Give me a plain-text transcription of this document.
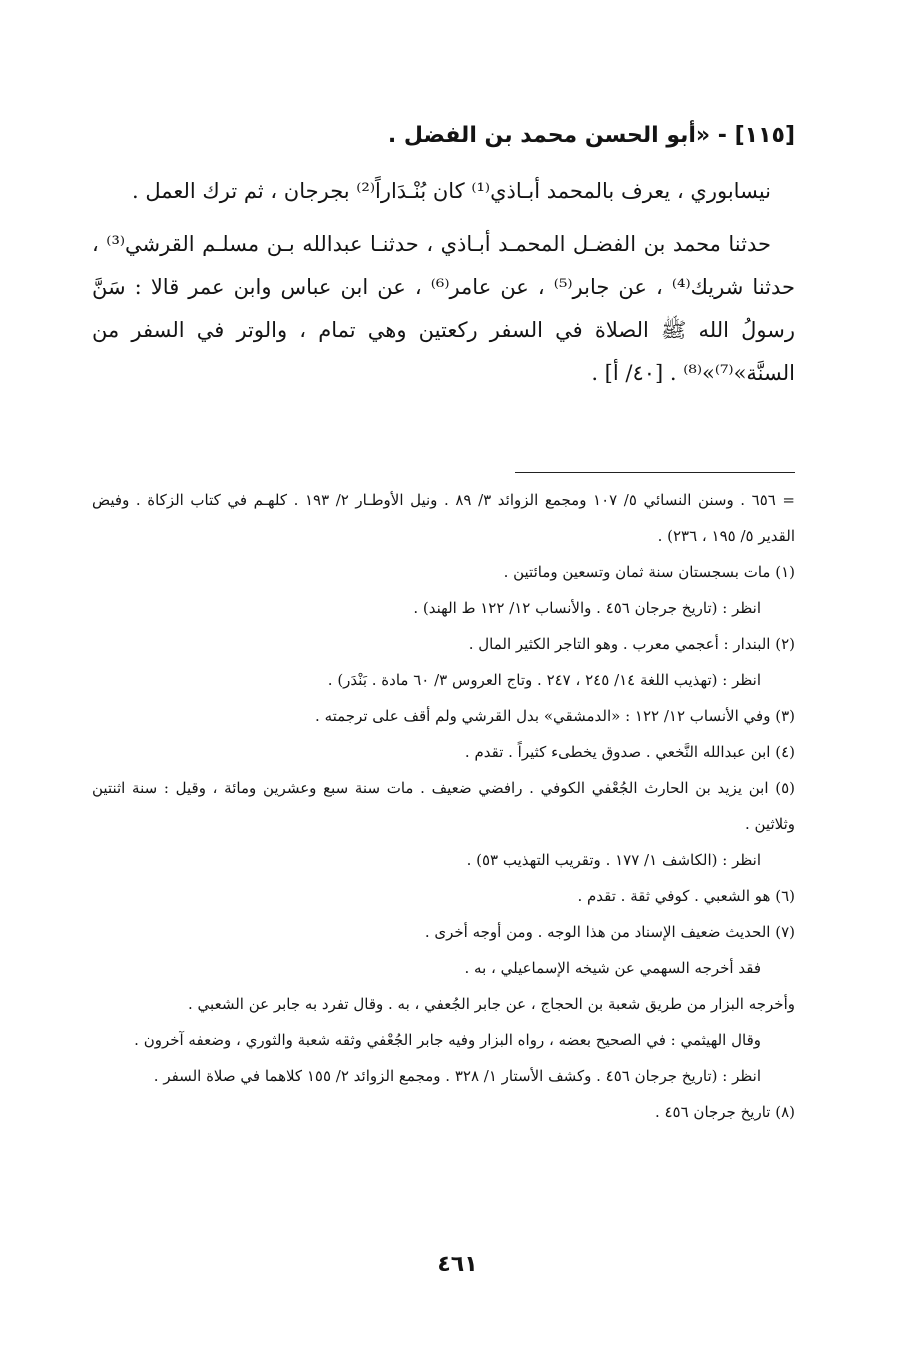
[١١٥] - «أبو الحسن محمد بن الفضل .

نيسابوري ، يعرف بالمحمد أبـاذي⁽¹⁾ كان بُنْـدَاراً⁽²⁾ بجرجان ، ثم ترك العمل .

حدثنا محمد بن الفضـل المحمـد أبـاذي ، حدثنـا عبدالله بـن مسلـم القرشي⁽³⁾ ، حدثنا شريك⁽⁴⁾ ، عن جابر⁽⁵⁾ ، عن عامر⁽⁶⁾ ، عن ابن عباس وابن عمر قالا : سَنَّ رسولُ الله ﷺ الصلاة في السفر ركعتين وهي تمام ، والوتر في السفر من السنَّة»⁽⁷⁾»⁽⁸⁾ . [٤٠/ أ] .

= ٦٥٦ . وسنن النسائي ٥/ ١٠٧ ومجمع الزوائد ٣/ ٨٩ . ونيل الأوطـار ٢/ ١٩٣ . كلهـم في كتاب الزكاة . وفيض القدير ٥/ ١٩٥ ، ٢٣٦) .

(١) مات بسجستان سنة ثمان وتسعين ومائتين .

انظر : (تاريخ جرجان ٤٥٦ . والأنساب ١٢/ ١٢٢ ط الهند) .

(٢) البندار : أعجمي معرب . وهو التاجر الكثير المال .

انظر : (تهذيب اللغة ١٤/ ٢٤٥ ، ٢٤٧ . وتاج العروس ٣/ ٦٠ مادة . بَنْدَر) .

(٣) وفي الأنساب ١٢/ ١٢٢ : «الدمشقي» بدل القرشي ولم أقف على ترجمته .

(٤) ابن عبدالله النَّخعي . صدوق يخطىء كثيراً . تقدم .

(٥) ابن يزيد بن الحارث الجُعْفي الكوفي . رافضي ضعيف . مات سنة سبع وعشرين ومائة ، وقيل : سنة اثنتين وثلاثين .

انظر : (الكاشف ١/ ١٧٧ . وتقريب التهذيب ٥٣) .

(٦) هو الشعبي . كوفي ثقة . تقدم .

(٧) الحديث ضعيف الإسناد من هذا الوجه . ومن أوجه أخرى .

فقد أخرجه السهمي عن شيخه الإسماعيلي ، به .

وأخرجه البزار من طريق شعبة بن الحجاج ، عن جابر الجُعفي ، به . وقال تفرد به جابر عن الشعبي .

وقال الهيثمي : في الصحيح بعضه ، رواه البزار وفيه جابر الجُعْفي وثقه شعبة والثوري ، وضعفه آخرون .

انظر : (تاريخ جرجان ٤٥٦ . وكشف الأستار ١/ ٣٢٨ . ومجمع الزوائد ٢/ ١٥٥ كلاهما في صلاة السفر .

(٨) تاريخ جرجان ٤٥٦ .

٤٦١
